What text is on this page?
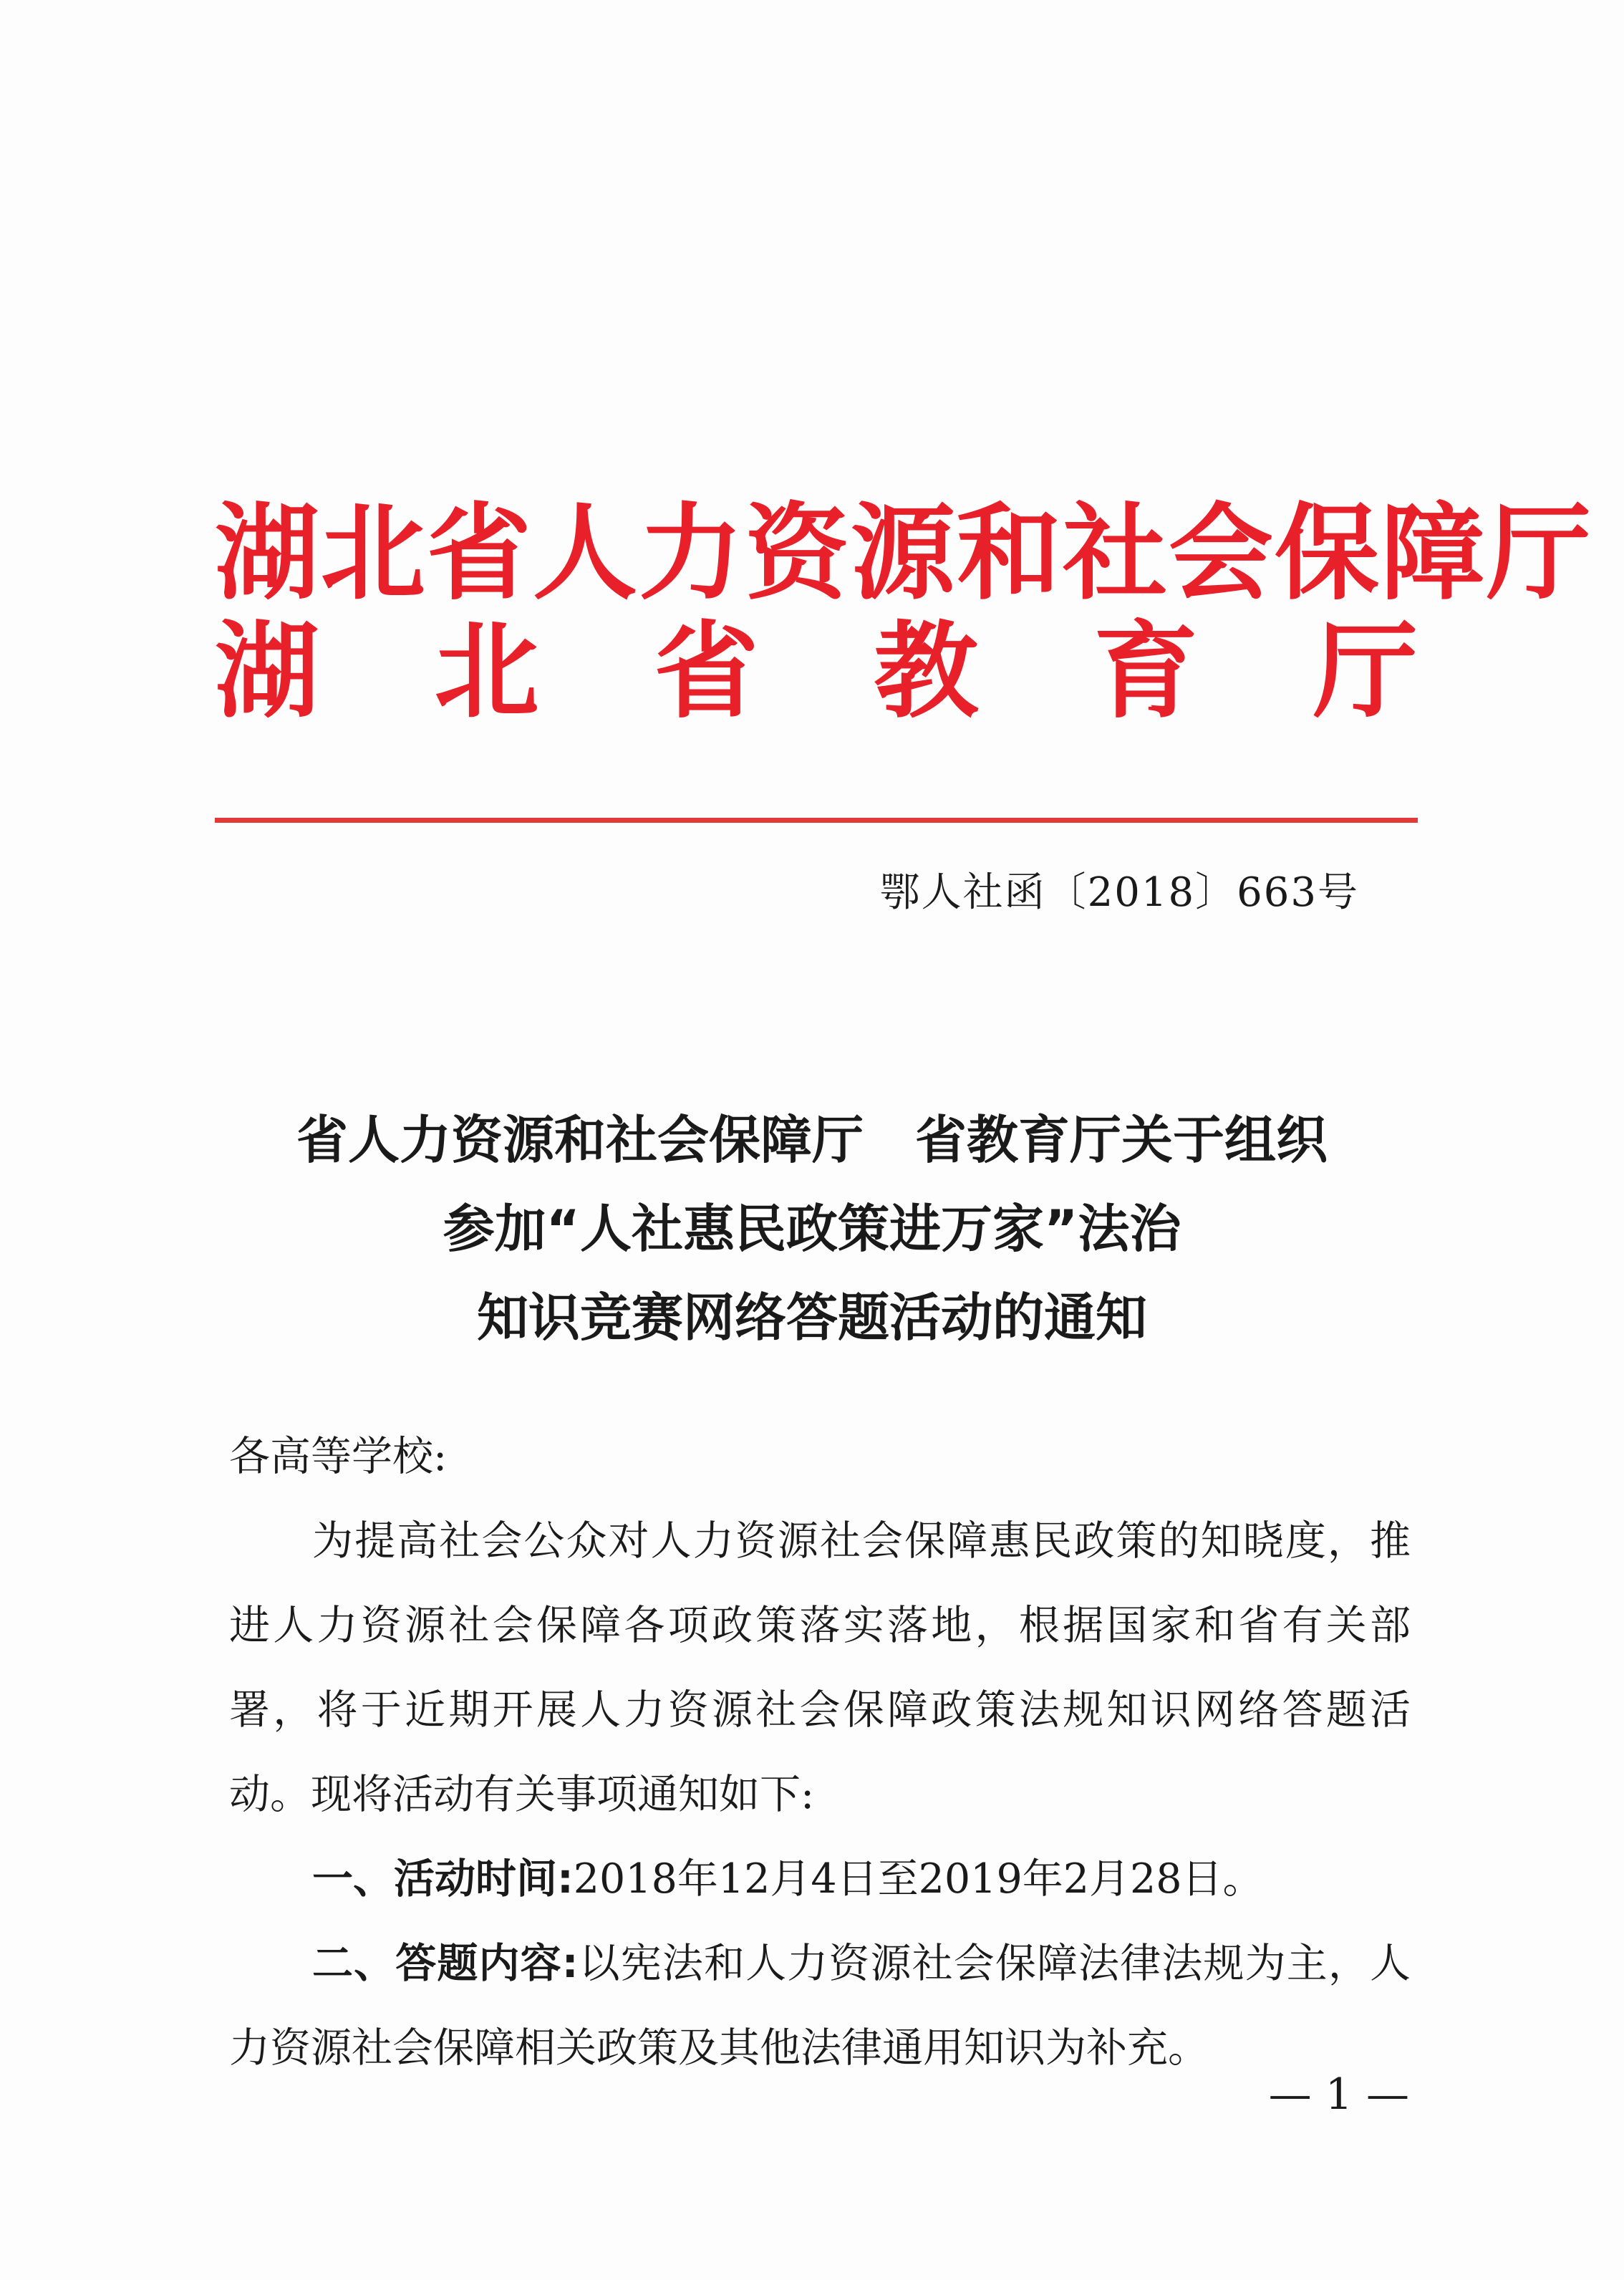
湖北省人力资源和社会保障厅
湖 北 省 教 育 厅
鄂人社函〔2018〕663号
省人力资源和社会保障厅　省教育厅关于组织
参加“人社惠民政策进万家”法治
知识竞赛网络答题活动的通知

各高等学校:

为提高社会公众对人力资源社会保障惠民政策的知晓度，推进人力资源社会保障各项政策落实落地，根据国家和省有关部署，将于近期开展人力资源社会保障政策法规知识网络答题活动。现将活动有关事项通知如下:

一、活动时间:2018年12月4日至2019年2月28日。

二、答题内容:以宪法和人力资源社会保障法律法规为主，人力资源社会保障相关政策及其他法律通用知识为补充。

— 1 —
